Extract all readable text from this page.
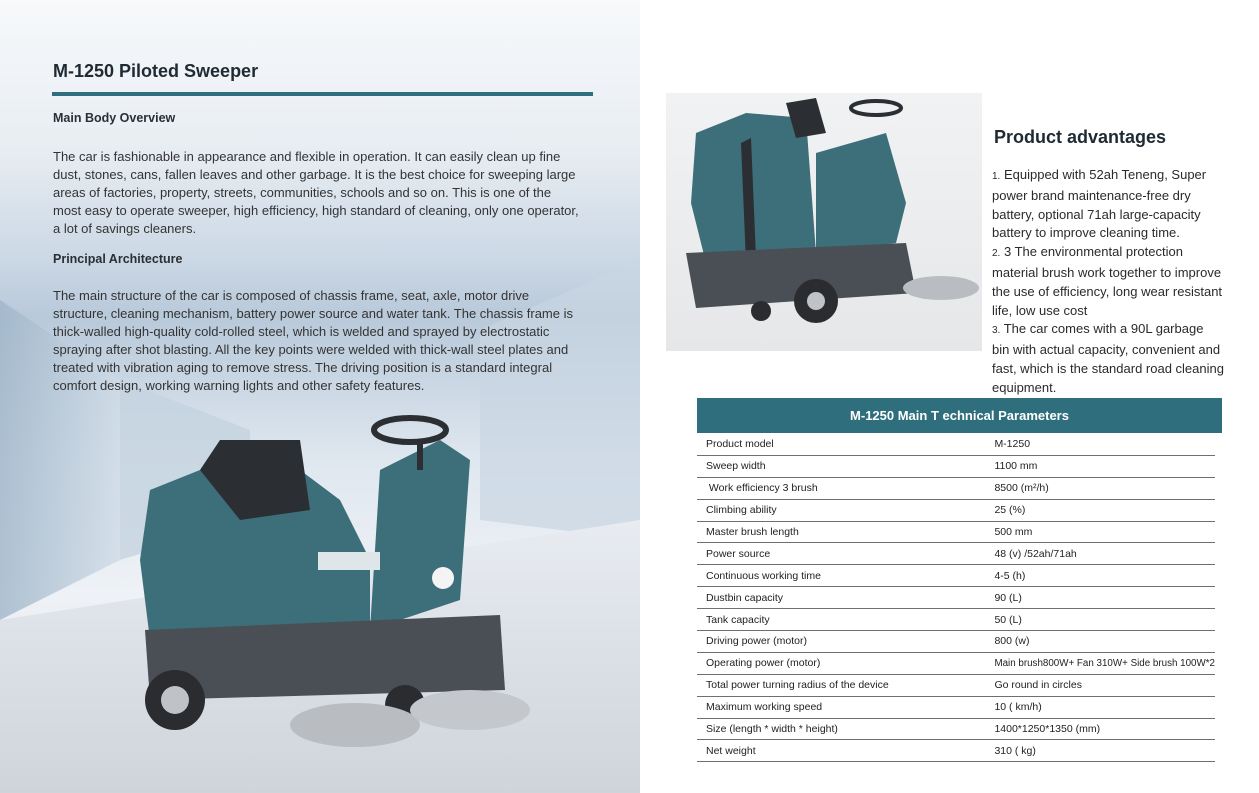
M-1250 Piloted Sweeper
Main Body Overview

The car is fashionable in appearance and flexible in operation. It can easily clean up fine dust, stones, cans, fallen leaves and other garbage. It is the best choice for sweeping large areas of factories, property, streets, communities, schools and so on. This is one of the most easy to operate sweeper, high efficiency, high standard of cleaning, only one operator, a lot of savings cleaners.

Principal Architecture

The main structure of the car is composed of chassis frame, seat, axle, motor drive structure, cleaning mechanism, battery power source and water tank. The chassis frame is thick-walled high-quality cold-rolled steel, which is welded and sprayed by electrostatic spraying after shot blasting. All the key points were welded with thick-wall steel plates and treated with vibration aging to remove stress. The driving position is a standard integral comfort design, working warning lights and other safety features.

Product advantages
1. Equipped with 52ah Teneng, Super power brand maintenance-free dry battery, optional 71ah large-capacity battery to improve cleaning time.
2. 3 The environmental protection material brush work together to improve the use of efficiency, long wear resistant life, low use cost
3. The car comes with a 90L garbage bin with actual capacity, convenient and fast, which is the standard road cleaning equipment.
M-1250 Main T echnical Parameters
Product model	M-1250
Sweep width	1100 mm
Work efficiency 3 brush	8500 (m²/h)
Climbing ability	25 (%)
Master brush length	500 mm
Power source	48 (v) /52ah/71ah
Continuous working time	4-5 (h)
Dustbin capacity	90 (L)
Tank capacity	50 (L)
Driving power (motor)	800 (w)
Operating power (motor)	Main brush800W+ Fan 310W+ Side brush 100W*2
Total power turning radius of the device	Go round in circles
Maximum working speed	10 ( km/h)
Size (length * width * height)	1400*1250*1350 (mm)
Net weight	310 ( kg)
